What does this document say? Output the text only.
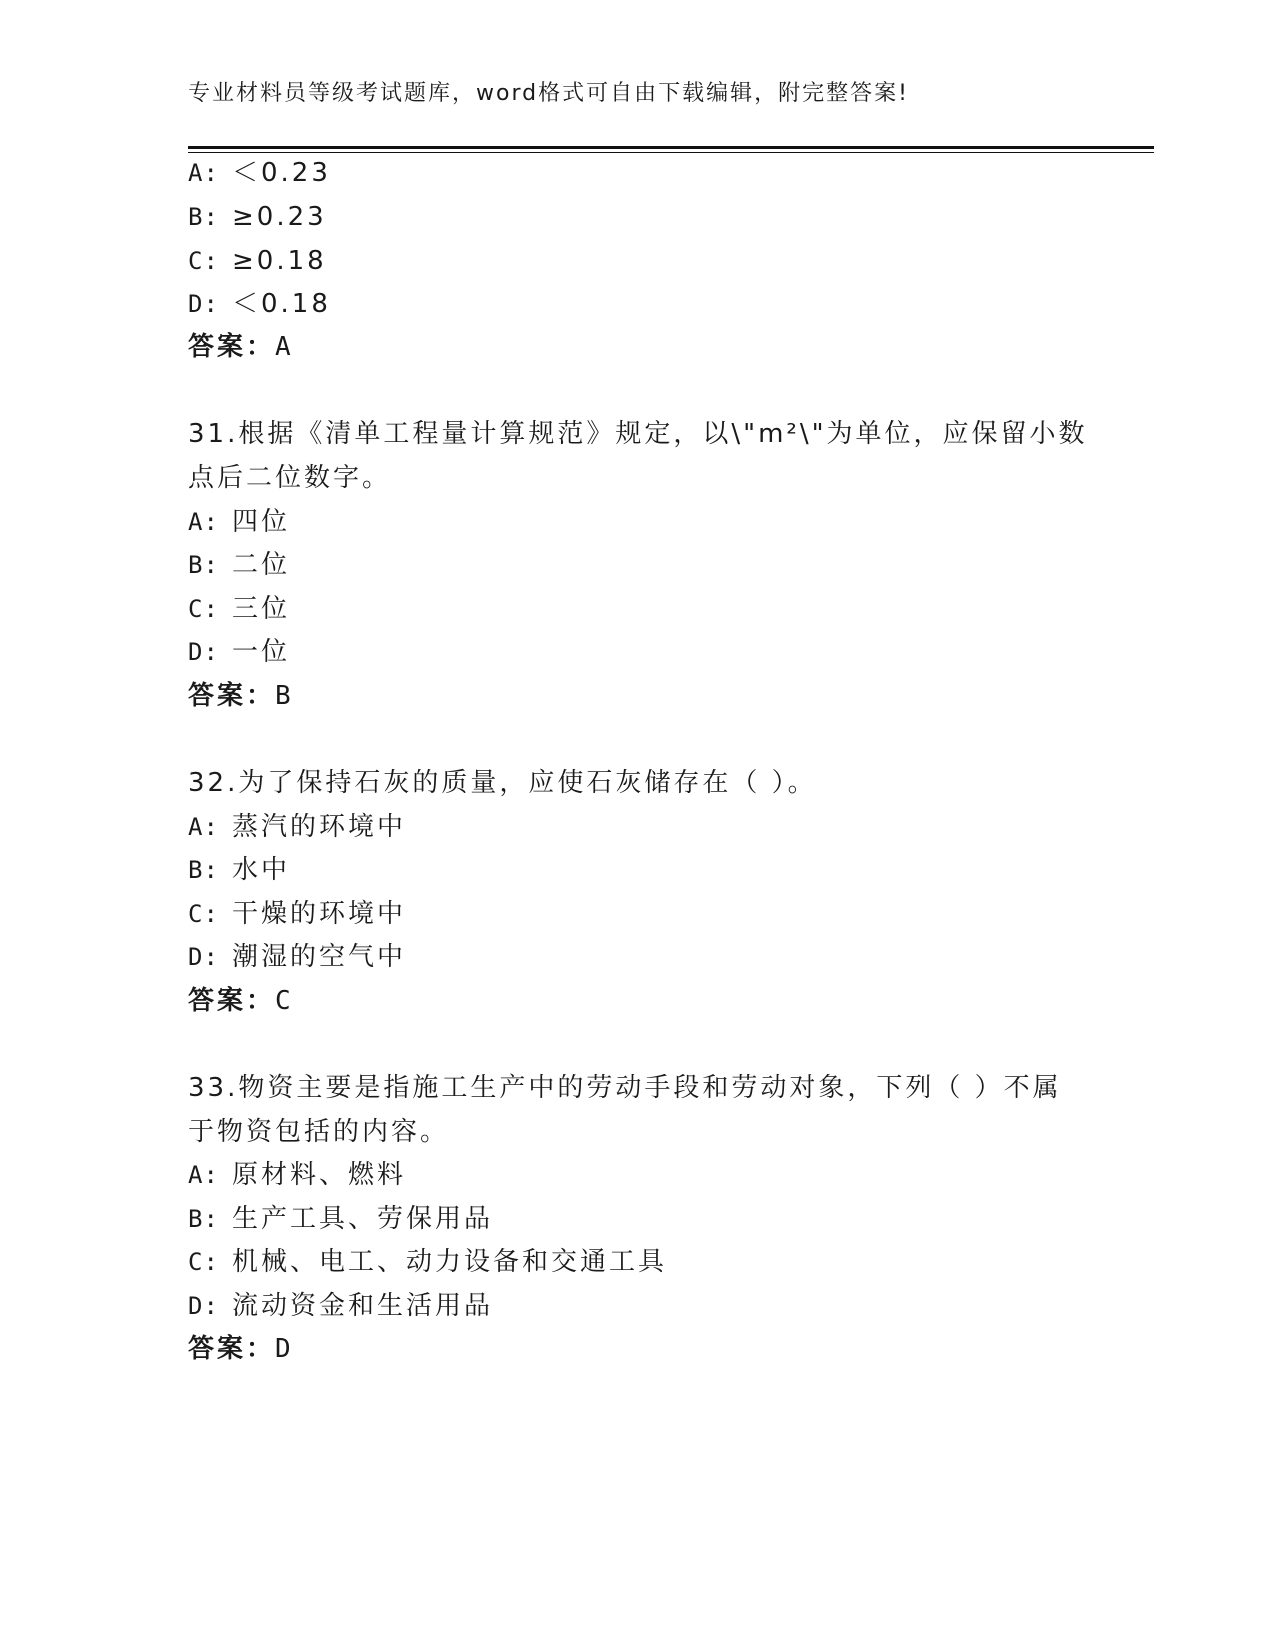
专业材料员等级考试题库，word格式可自由下载编辑，附完整答案!
A: ＜0.23
B: ≥0.23
C: ≥0.18
D: ＜0.18
答案：A
31.根据《清单工程量计算规范》规定，以\"m²\"为单位，应保留小数
点后二位数字。
A: 四位
B: 二位
C: 三位
D: 一位
答案：B
32.为了保持石灰的质量，应使石灰储存在（ ）。
A: 蒸汽的环境中
B: 水中
C: 干燥的环境中
D: 潮湿的空气中
答案：C
33.物资主要是指施工生产中的劳动手段和劳动对象，下列（ ）不属
于物资包括的内容。
A: 原材料、燃料
B: 生产工具、劳保用品
C: 机械、电工、动力设备和交通工具
D: 流动资金和生活用品
答案：D
